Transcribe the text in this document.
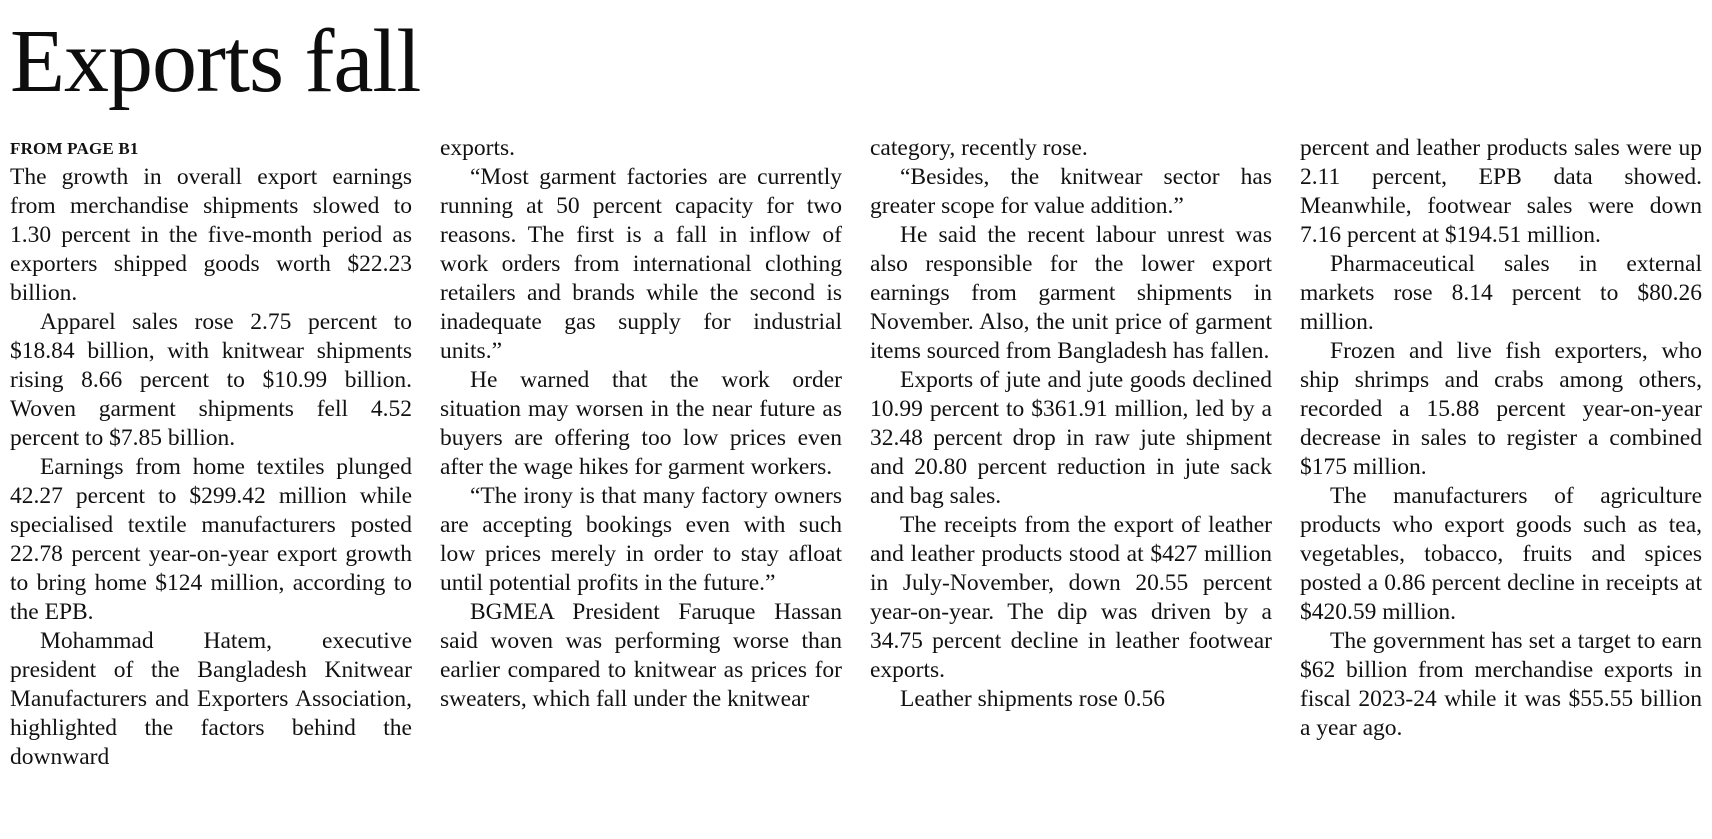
Exports fall
FROM PAGE B1

The growth in overall export earnings from merchandise shipments slowed to 1.30 percent in the five-month period as exporters shipped goods worth $22.23 billion.

Apparel sales rose 2.75 percent to $18.84 billion, with knitwear shipments rising 8.66 percent to $10.99 billion. Woven garment shipments fell 4.52 percent to $7.85 billion.

Earnings from home textiles plunged 42.27 percent to $299.42 million while specialised textile manufacturers posted 22.78 percent year-on-year export growth to bring home $124 million, according to the EPB.

Mohammad Hatem, executive president of the Bangladesh Knitwear Manufacturers and Exporters Association, highlighted the factors behind the downward

exports.

“Most garment factories are currently running at 50 percent capacity for two reasons. The first is a fall in inflow of work orders from international clothing retailers and brands while the second is inadequate gas supply for industrial units.”

He warned that the work order situation may worsen in the near future as buyers are offering too low prices even after the wage hikes for garment workers.

“The irony is that many factory owners are accepting bookings even with such low prices merely in order to stay afloat until potential profits in the future.”

BGMEA President Faruque Hassan said woven was performing worse than earlier compared to knitwear as prices for sweaters, which fall under the knitwear

category, recently rose.

“Besides, the knitwear sector has greater scope for value addition.”

He said the recent labour unrest was also responsible for the lower export earnings from garment shipments in November. Also, the unit price of garment items sourced from Bangladesh has fallen.

Exports of jute and jute goods declined 10.99 percent to $361.91 million, led by a 32.48 percent drop in raw jute shipment and 20.80 percent reduction in jute sack and bag sales.

The receipts from the export of leather and leather products stood at $427 million in July-November, down 20.55 percent year-on-year. The dip was driven by a 34.75 percent decline in leather footwear exports.

Leather shipments rose 0.56

percent and leather products sales were up 2.11 percent, EPB data showed. Meanwhile, footwear sales were down 7.16 percent at $194.51 million.

Pharmaceutical sales in external markets rose 8.14 percent to $80.26 million.

Frozen and live fish exporters, who ship shrimps and crabs among others, recorded a 15.88 percent year-on-year decrease in sales to register a combined $175 million.

The manufacturers of agriculture products who export goods such as tea, vegetables, tobacco, fruits and spices posted a 0.86 percent decline in receipts at $420.59 million.

The government has set a target to earn $62 billion from merchandise exports in fiscal 2023-24 while it was $55.55 billion a year ago.
